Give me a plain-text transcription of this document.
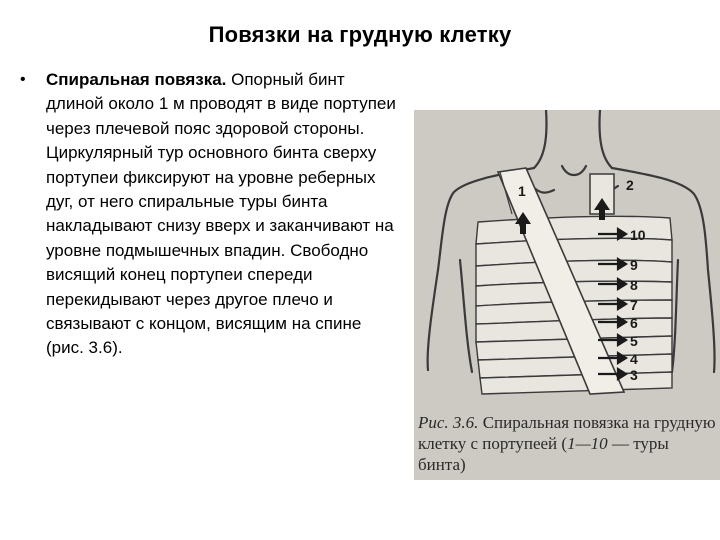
Повязки на грудную клетку
• Спиральная повязка. Опорный бинт длиной около 1 м проводят в виде портупеи через плечевой пояс здоровой стороны. Циркулярный тур основного бинта сверху портупеи фиксируют на уровне реберных дуг, от него спиральные туры бинта накладывают снизу вверх и заканчивают на уровне подмышечных впадин. Свободно висящий конец портупеи спереди перекидывают через другое плечо и связывают с концом, висящим на спине (рис. 3.6).

1	2
10
9
8
7
6
5
4
3
Рис. 3.6. Спиральная повязка на грудную клетку с портупеей (1—10 — туры бинта)
